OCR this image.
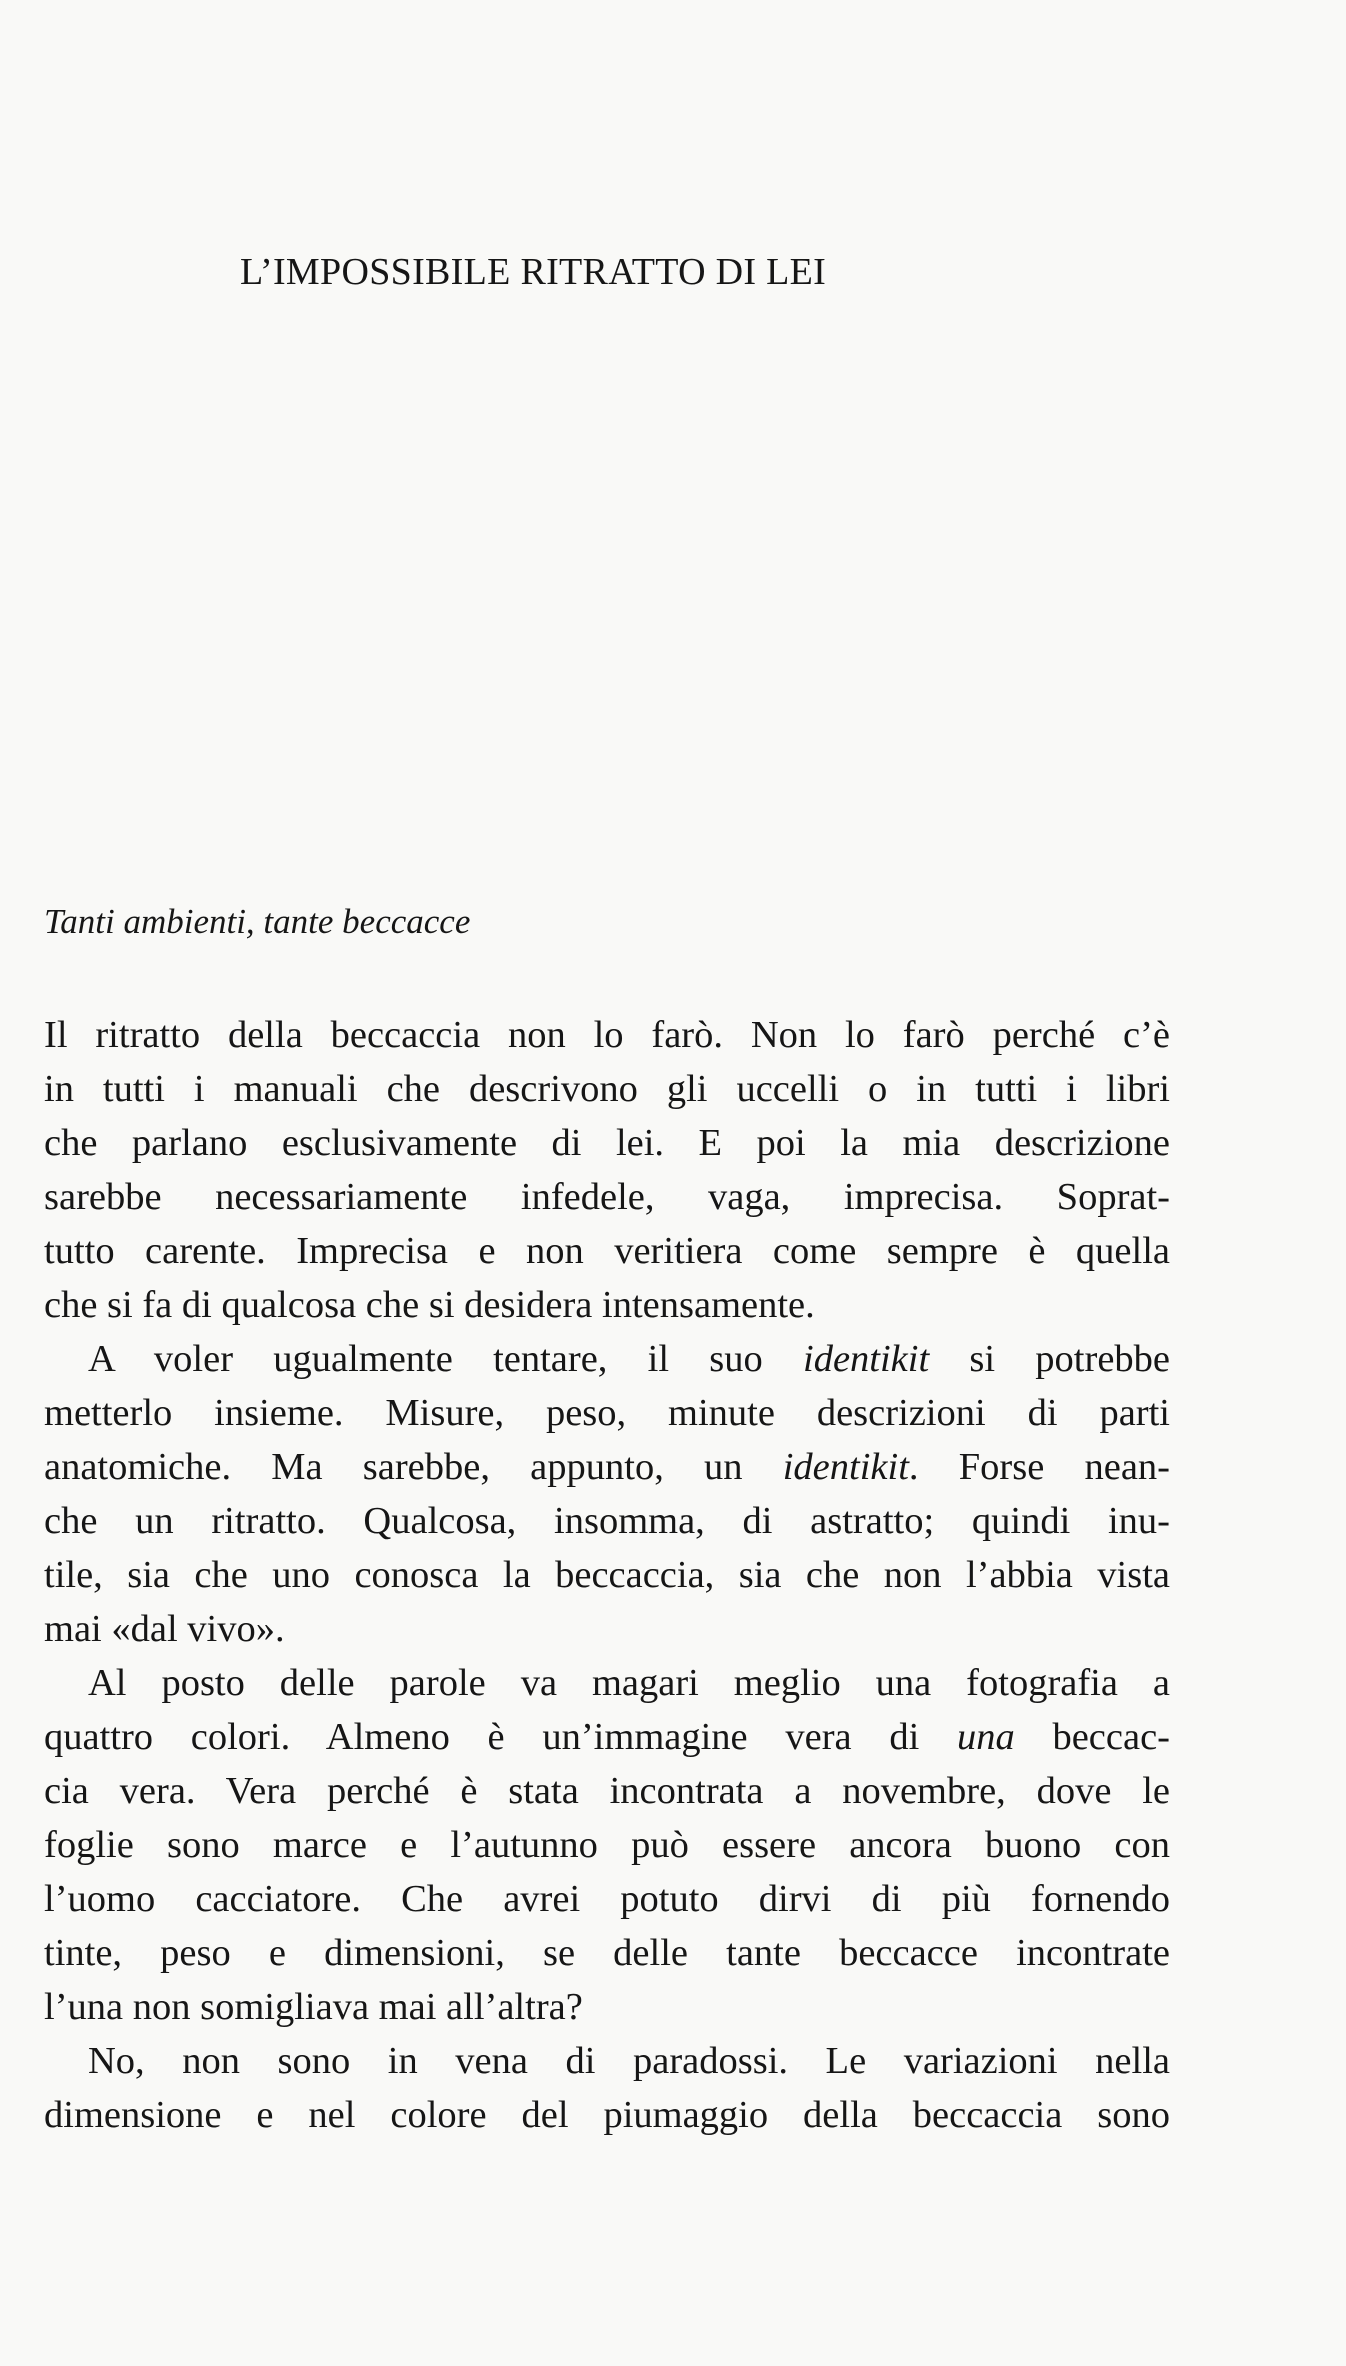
L’IMPOSSIBILE RITRATTO DI LEI
Tanti ambienti, tante beccacce
Il ritratto della beccaccia non lo farò. Non lo farò perché c’è
in tutti i manuali che descrivono gli uccelli o in tutti i libri
che parlano esclusivamente di lei. E poi la mia descrizione
sarebbe necessariamente infedele, vaga, imprecisa. Soprat-
tutto carente. Imprecisa e non veritiera come sempre è quella
che si fa di qualcosa che si desidera intensamente.
A voler ugualmente tentare, il suo identikit si potrebbe
metterlo insieme. Misure, peso, minute descrizioni di parti
anatomiche. Ma sarebbe, appunto, un identikit. Forse nean-
che un ritratto. Qualcosa, insomma, di astratto; quindi inu-
tile, sia che uno conosca la beccaccia, sia che non l’abbia vista
mai «dal vivo».
Al posto delle parole va magari meglio una fotografia a
quattro colori. Almeno è un’immagine vera di una beccac-
cia vera. Vera perché è stata incontrata a novembre, dove le
foglie sono marce e l’autunno può essere ancora buono con
l’uomo cacciatore. Che avrei potuto dirvi di più fornendo
tinte, peso e dimensioni, se delle tante beccacce incontrate
l’una non somigliava mai all’altra?
No, non sono in vena di paradossi. Le variazioni nella
dimensione e nel colore del piumaggio della beccaccia sono
